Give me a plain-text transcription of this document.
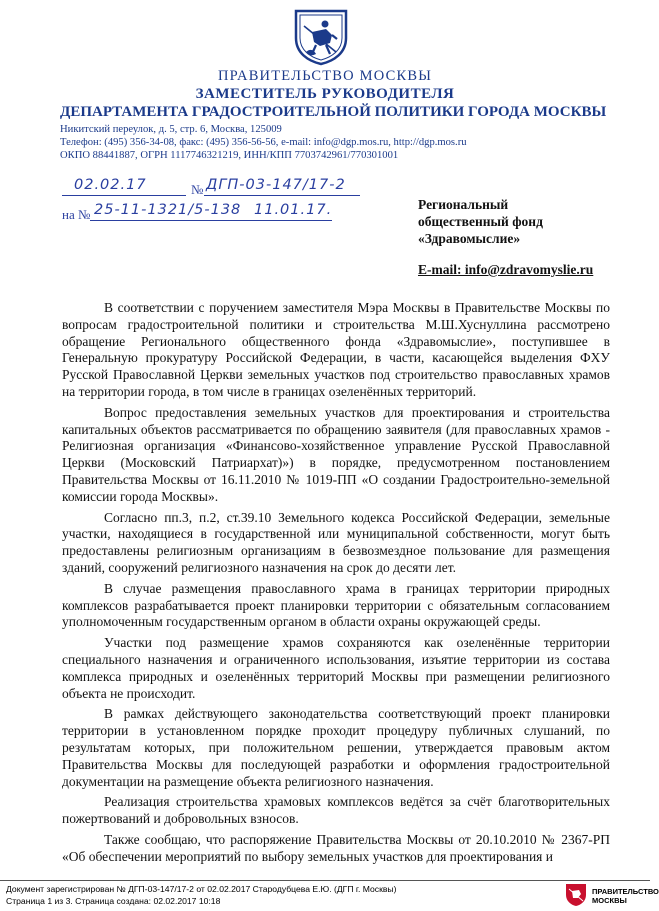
ПРАВИТЕЛЬСТВО МОСКВЫ
ЗАМЕСТИТЕЛЬ РУКОВОДИТЕЛЯ
ДЕПАРТАМЕНТА ГРАДОСТРОИТЕЛЬНОЙ ПОЛИТИКИ ГОРОДА МОСКВЫ
Никитский переулок, д. 5, стр. 6, Москва, 125009
Телефон: (495) 356-34-08, факс: (495) 356-56-56, e-mail: info@dgp.mos.ru, http://dgp.mos.ru
ОКПО 88441887, ОГРН 1117746321219, ИНН/КПП 7703742961/770301001
02.02.17	№ ДГП-03-147/17-2
на № 25-11-1321/5-138 11.01.17.	Региональный
общественный фонд
«Здравомыслие»
E-mail: info@zdravomyslie.ru

В соответствии с поручением заместителя Мэра Москвы в Правительстве Москвы по вопросам градостроительной политики и строительства М.Ш.Хуснуллина рассмотрено обращение Регионального общественного фонда «Здравомыслие», поступившее в Генеральную прокуратуру Российской Федерации, в части, касающейся выделения ФХУ Русской Православной Церкви земельных участков под строительство православных храмов на территории города, в том числе в границах озеленённых территорий.

Вопрос предоставления земельных участков для проектирования и строительства капитальных объектов рассматривается по обращению заявителя (для православных храмов - Религиозная организация «Финансово-хозяйственное управление Русской Православной Церкви (Московский Патриархат)») в порядке, предусмотренном постановлением Правительства Москвы от 16.11.2010 № 1019-ПП «О создании Градостроительно-земельной комиссии города Москвы».

Согласно пп.3, п.2, ст.39.10 Земельного кодекса Российской Федерации, земельные участки, находящиеся в государственной или муниципальной собственности, могут быть предоставлены религиозным организациям в безвозмездное пользование для размещения зданий, сооружений религиозного назначения на срок до десяти лет.

В случае размещения православного храма в границах территории природных комплексов разрабатывается проект планировки территории с обязательным согласованием уполномоченным государственным органом в области охраны окружающей среды.

Участки под размещение храмов сохраняются как озеленённые территории специального назначения и ограниченного использования, изъятие территории из состава комплекса природных и озеленённых территорий Москвы при размещении религиозного объекта не происходит.

В рамках действующего законодательства соответствующий проект планировки территории в установленном порядке проходит процедуру публичных слушаний, по результатам которых, при положительном решении, утверждается правовым актом Правительства Москвы для последующей разработки и оформления градостроительной документации на размещение объекта религиозного назначения.

Реализация строительства храмовых комплексов ведётся за счёт благотворительных пожертвований и добровольных взносов.

Также сообщаю, что распоряжение Правительства Москвы от 20.10.2010 № 2367-РП «Об обеспечении мероприятий по выбору земельных участков для проектирования и

Документ зарегистрирован № ДГП-03-147/17-2 от 02.02.2017 Стародубцева Е.Ю. (ДГП г. Москвы)
Страница 1 из 3. Страница создана: 02.02.2017 10:18
ПРАВИТЕЛЬСТВО МОСКВЫ
